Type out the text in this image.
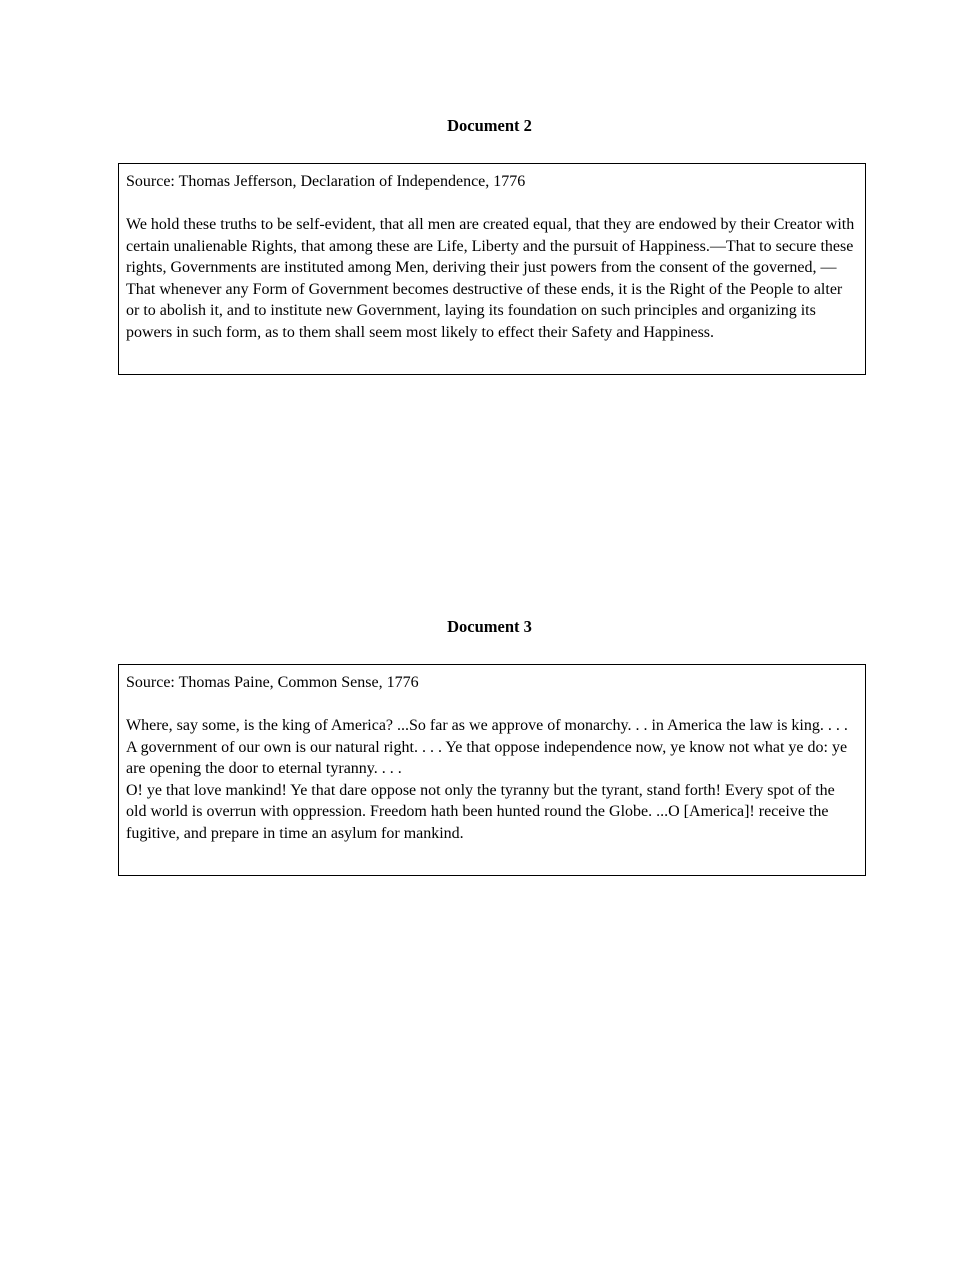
Document 2
Source: Thomas Jefferson, Declaration of Independence, 1776
We hold these truths to be self-evident, that all men are created equal, that they are endowed by their Creator with certain unalienable Rights, that among these are Life, Liberty and the pursuit of Happiness.—That to secure these rights, Governments are instituted among Men, deriving their just powers from the consent of the governed, —That whenever any Form of Government becomes destructive of these ends, it is the Right of the People to alter or to abolish it, and to institute new Government, laying its foundation on such principles and organizing its powers in such form, as to them shall seem most likely to effect their Safety and Happiness.
Document 3
Source: Thomas Paine, Common Sense, 1776
Where, say some, is the king of America? ...So far as we approve of monarchy. . . in America the law is king. . . .
A government of our own is our natural right. . . . Ye that oppose independence now, ye know not what ye do: ye are opening the door to eternal tyranny. . . .
O! ye that love mankind! Ye that dare oppose not only the tyranny but the tyrant, stand forth! Every spot of the old world is overrun with oppression. Freedom hath been hunted round the Globe. ...O [America]! receive the fugitive, and prepare in time an asylum for mankind.
